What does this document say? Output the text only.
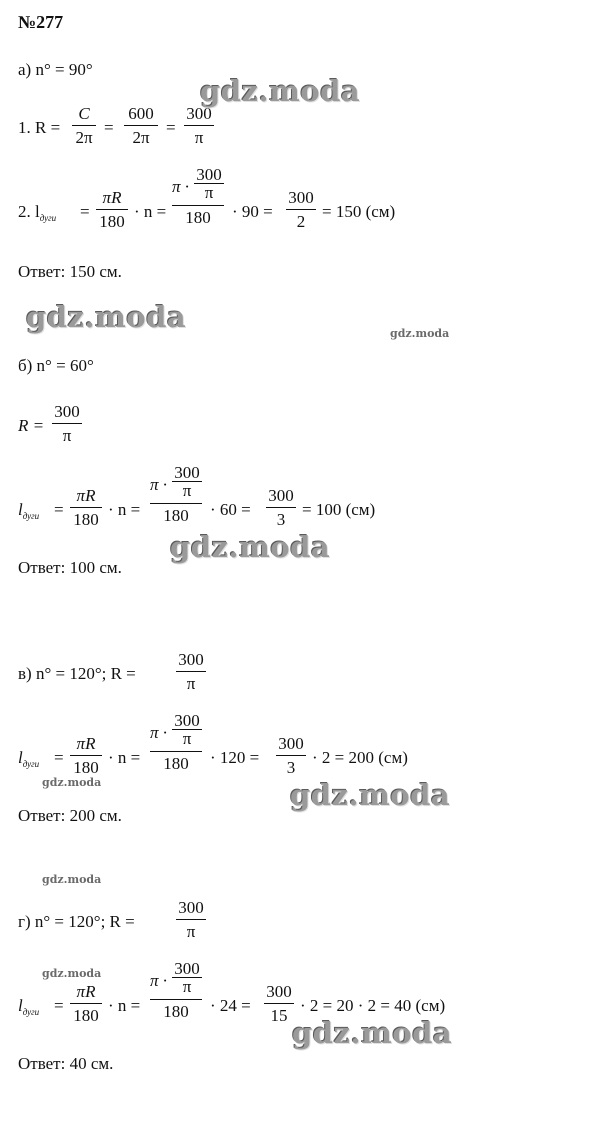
№277
а) n° = 90°
1. R =
C
2π
=
600
2π
=
300
π
2. $l_{дуги}$ =
πR
180
· n =
$\pi \cdot \frac{300}{\pi}$
180	· 90 =
300
2
= 150 (см)
Ответ: 150 см.
б) n° = 60°
R =
300
π
$l_{дуги}$ =
πR
180
· n =
$\pi \cdot \frac{300}{\pi}$
180	· 60 =
300
3
= 100 (см)
Ответ: 100 см.
в) n° = 120°; R =
300
π
$l_{дуги}$ =
πR
180
· n =
$\pi \cdot \frac{300}{\pi}$
180	· 120 =
300
3
· 2 = 200 (см)
Ответ: 200 см.
г) n° = 120°; R =
300
π
$l_{дуги}$ =
πR
180
· n =
$\pi \cdot \frac{300}{\pi}$
180	· 24 =
300
15
· 2 = 20 · 2 = 40 (см)
Ответ: 40 см.
gdz.moda
gdz.moda	gdz.moda
gdz.moda
gdz.moda	gdz.moda
gdz.moda
gdz.moda
gdz.moda
